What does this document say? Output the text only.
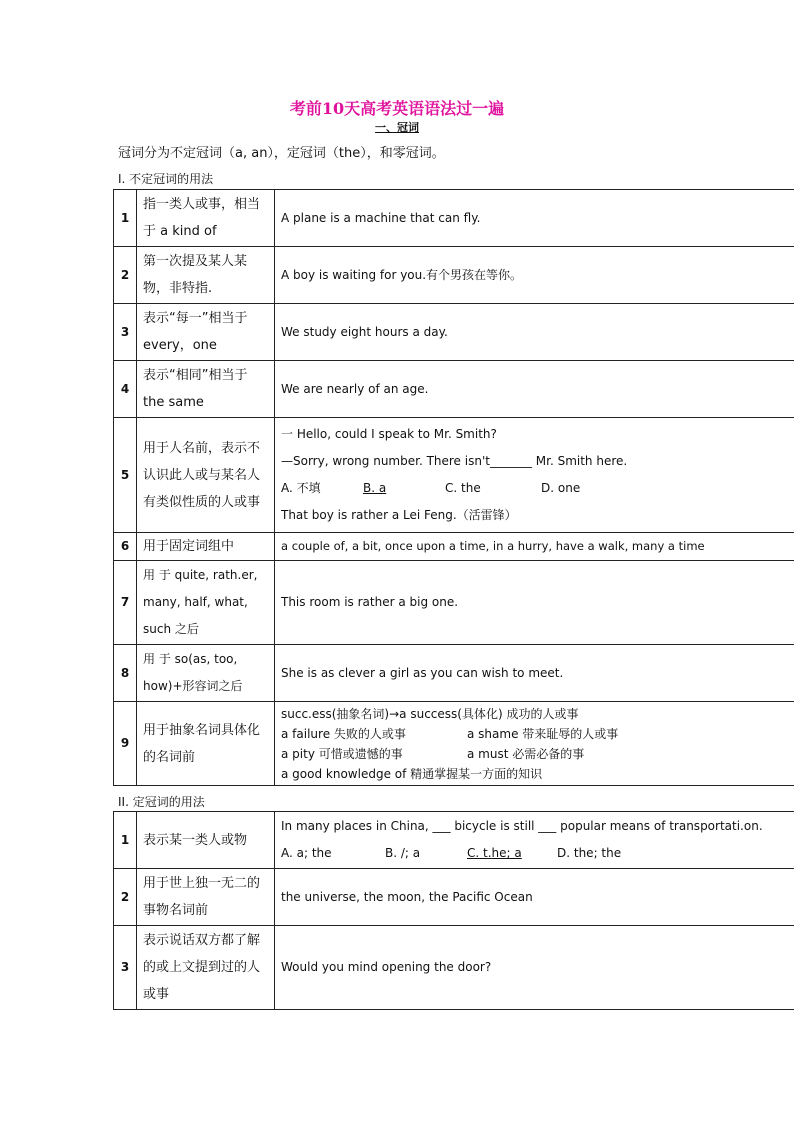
考前10天高考英语语法过一遍
一、冠词
冠词分为不定冠词（a, an），定冠词（the），和零冠词。
I. 不定冠词的用法
1	指一类人或事，相当于 a kind of	A plane is a machine that can fly.
2	第一次提及某人某物，非特指.	A boy is waiting for you.有个男孩在等你。
3	表示“每一”相当于 every，one	We study eight hours a day.
4	表示“相同”相当于 the same	We are nearly of an age.
5	用于人名前，表示不认识此人或与某名人有类似性质的人或事	一 Hello, could I speak to Mr. Smith?
—Sorry, wrong number. There isn't_______ Mr. Smith here.
A. 不填 B. a C. the D. one
That boy is rather a Lei Feng.（活雷锋）

6	用于固定词组中	a couple of, a bit, once upon a time, in a hurry, have a walk, many a time
7	用 于 quite, rath.er, many, half, what, such 之后	This room is rather a big one.
8	用 于 so(as, too, how)+形容词之后	She is as clever a girl as you can wish to meet.
9	用于抽象名词具体化的名词前	succ.ess(抽象名词)→a success(具体化) 成功的人或事
a failure 失败的人或事 a shame 带来耻辱的人或事
a pity 可惜或遗憾的事 a must 必需必备的事
a good knowledge of 精通掌握某一方面的知识
II. 定冠词的用法
1	表示某一类人或物	In many places in China, ___ bicycle is still ___ popular means of transportati.on.
A. a; the B. /; a C. t.he; a D. the; the

2	用于世上独一无二的事物名词前	the universe, the moon, the Pacific Ocean
3	表示说话双方都了解的或上文提到过的人或事	Would you mind opening the door?
